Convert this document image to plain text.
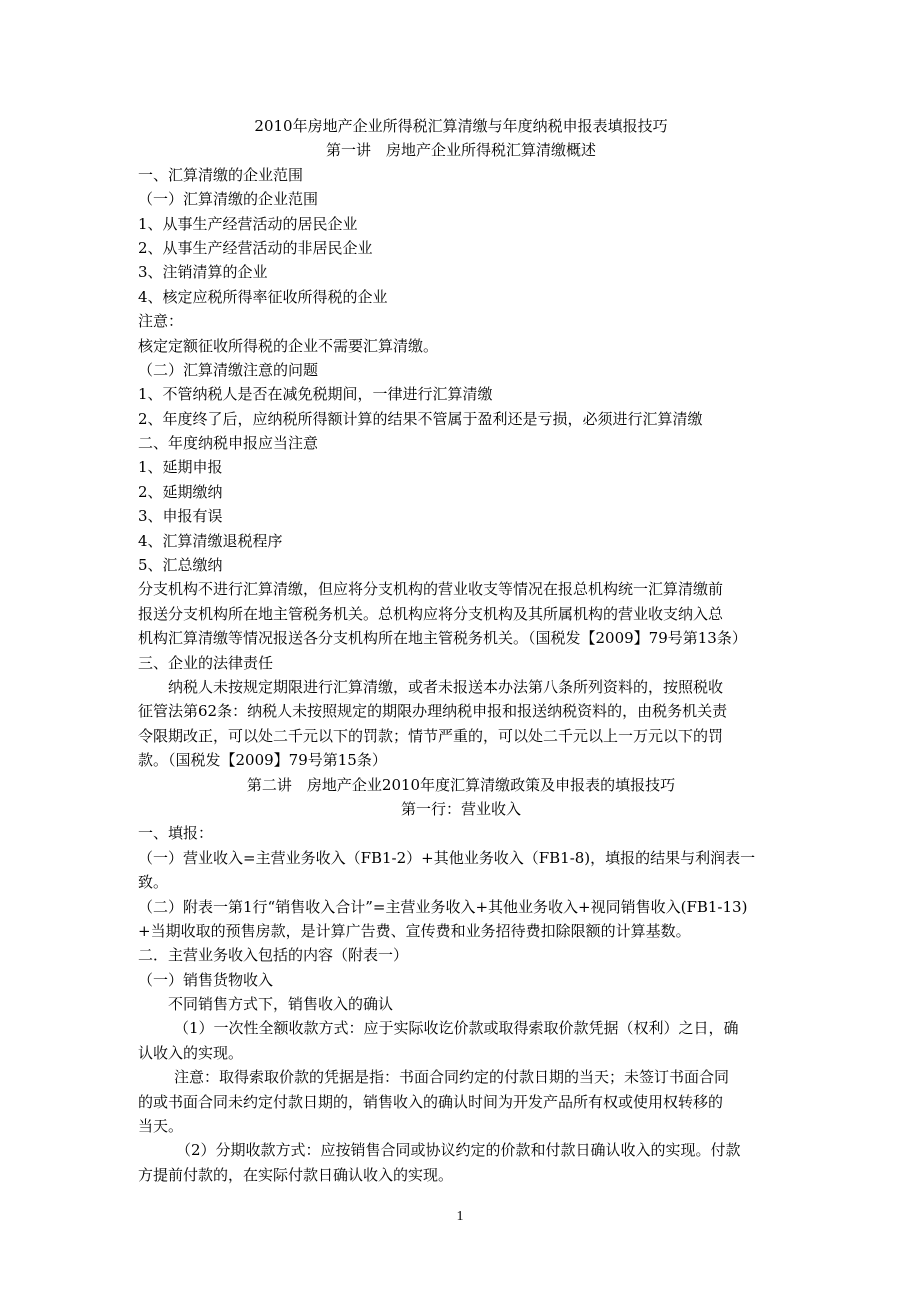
2010年房地产企业所得税汇算清缴与年度纳税申报表填报技巧
第一讲　房地产企业所得税汇算清缴概述
一、汇算清缴的企业范围
（一）汇算清缴的企业范围
1、从事生产经营活动的居民企业
2、从事生产经营活动的非居民企业
3、注销清算的企业
4、核定应税所得率征收所得税的企业
注意：
核定定额征收所得税的企业不需要汇算清缴。
（二）汇算清缴注意的问题
1、不管纳税人是否在减免税期间，一律进行汇算清缴
2、年度终了后，应纳税所得额计算的结果不管属于盈利还是亏损，必须进行汇算清缴
二、年度纳税申报应当注意
1、延期申报
2、延期缴纳
3、申报有误
4、汇算清缴退税程序
5、汇总缴纳
分支机构不进行汇算清缴，但应将分支机构的营业收支等情况在报总机构统一汇算清缴前
报送分支机构所在地主管税务机关。总机构应将分支机构及其所属机构的营业收支纳入总
机构汇算清缴等情况报送各分支机构所在地主管税务机关。（国税发【2009】79号第13条）
三、企业的法律责任
纳税人未按规定期限进行汇算清缴，或者未报送本办法第八条所列资料的，按照税收
征管法第62条：纳税人未按照规定的期限办理纳税申报和报送纳税资料的，由税务机关责
令限期改正，可以处二千元以下的罚款；情节严重的，可以处二千元以上一万元以下的罚
款。（国税发【2009】79号第15条）
第二讲　房地产企业2010年度汇算清缴政策及申报表的填报技巧
第一行：营业收入
一、填报：
（一）营业收入=主营业务收入（FB1-2）+其他业务收入（FB1-8)，填报的结果与利润表一
致。
（二）附表一第1行“销售收入合计”=主营业务收入+其他业务收入+视同销售收入(FB1-13)
+当期收取的预售房款，是计算广告费、宣传费和业务招待费扣除限额的计算基数。
二．主营业务收入包括的内容（附表一）
（一）销售货物收入
不同销售方式下，销售收入的确认
（1）一次性全额收款方式：应于实际收讫价款或取得索取价款凭据（权利）之日，确
认收入的实现。
注意：取得索取价款的凭据是指：书面合同约定的付款日期的当天；未签订书面合同
的或书面合同未约定付款日期的，销售收入的确认时间为开发产品所有权或使用权转移的
当天。
（2）分期收款方式：应按销售合同或协议约定的价款和付款日确认收入的实现。付款
方提前付款的，在实际付款日确认收入的实现。
1
